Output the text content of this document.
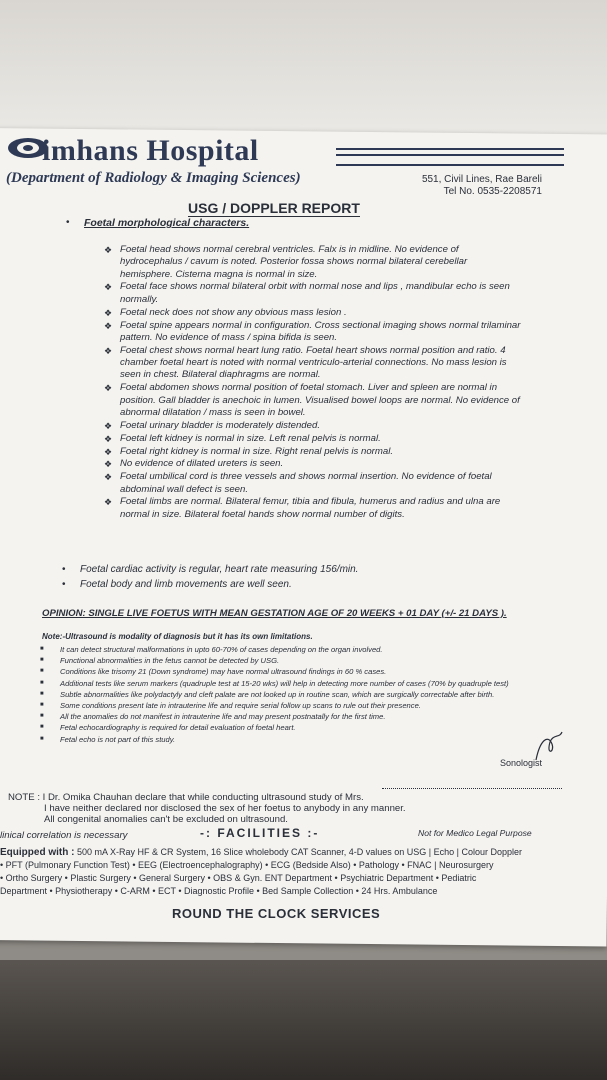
imhans Hospital
(Department of Radiology & Imaging Sciences)	551, Civil Lines, Rae Bareli
Tel No. 0535-2208571
USG / DOPPLER REPORT
• Foetal morphological characters.
❖ Foetal head shows normal cerebral ventricles. Falx is in midline. No evidence of hydrocephalus / cavum is noted. Posterior fossa shows normal bilateral cerebellar hemisphere. Cisterna magna is normal in size.
❖ Foetal face shows normal bilateral orbit with normal nose and lips , mandibular echo is seen normally.
❖ Foetal neck does not show any obvious mass lesion .
❖ Foetal spine appears normal in configuration. Cross sectional imaging shows normal trilaminar pattern. No evidence of mass / spina bifida is seen.
❖ Foetal chest shows normal heart lung ratio. Foetal heart shows normal position and ratio. 4 chamber foetal heart is noted with normal ventriculo-arterial connections. No mass lesion is seen in chest. Bilateral diaphragms are normal.
❖ Foetal abdomen shows normal position of foetal stomach. Liver and spleen are normal in position. Gall bladder is anechoic in lumen. Visualised bowel loops are normal. No evidence of abnormal dilatation / mass is seen in bowel.
❖ Foetal urinary bladder is moderately distended.
❖ Foetal left kidney is normal in size. Left renal pelvis is normal.
❖ Foetal right kidney is normal in size. Right renal pelvis is normal.
❖ No evidence of dilated ureters is seen.
❖ Foetal umbilical cord is three vessels and shows normal insertion. No evidence of foetal abdominal wall defect is seen.
❖ Foetal limbs are normal. Bilateral femur, tibia and fibula, humerus and radius and ulna are normal in size. Bilateral foetal hands show normal number of digits.
• Foetal cardiac activity is regular, heart rate measuring 156/min.
• Foetal body and limb movements are well seen.
OPINION: SINGLE LIVE FOETUS WITH MEAN GESTATION AGE OF 20 WEEKS + 01 DAY (+/- 21 DAYS ).
Note:-Ultrasound is modality of diagnosis but it has its own limitations.
■ It can detect structural malformations in upto 60-70% of cases depending on the organ involved.
■ Functional abnormalities in the fetus cannot be detected by USG.
■ Conditions like trisomy 21 (Down syndrome) may have normal ultrasound findings in 60 % cases.
■ Additional tests like serum markers (quadruple test at 15-20 wks) will help in detecting more number of cases (70% by quadruple test)
■ Subtle abnormalities like polydactyly and cleft palate are not looked up in routine scan, which are surgically correctable after birth.
■ Some conditions present late in intrauterine life and require serial follow up scans to rule out their presence.
■ All the anomalies do not manifest in intrauterine life and may present postnatally for the first time.
■ Fetal echocardiography is required for detail evaluation of foetal heart.
■ Fetal echo is not part of this study.
Sonologist
NOTE : I Dr. Omika Chauhan declare that while conducting ultrasound study of Mrs.
I have neither declared nor disclosed the sex of her foetus to anybody in any manner.
All congenital anomalies can't be excluded on ultrasound.
linical correlation is necessary	-: FACILITIES :-	Not for Medico Legal Purpose
Equipped with : 500 mA X-Ray HF & CR System, 16 Slice wholebody CAT Scanner, 4-D values on USG | Echo | Colour Doppler
• PFT (Pulmonary Function Test) • EEG (Electroencephalography) • ECG (Bedside Also) • Pathology • FNAC | Neurosurgery
• Ortho Surgery • Plastic Surgery • General Surgery • OBS & Gyn. ENT Department • Psychiatric Department • Pediatric
Department • Physiotherapy • C-ARM • ECT • Diagnostic Profile • Bed Sample Collection • 24 Hrs. Ambulance
ROUND THE CLOCK SERVICES
